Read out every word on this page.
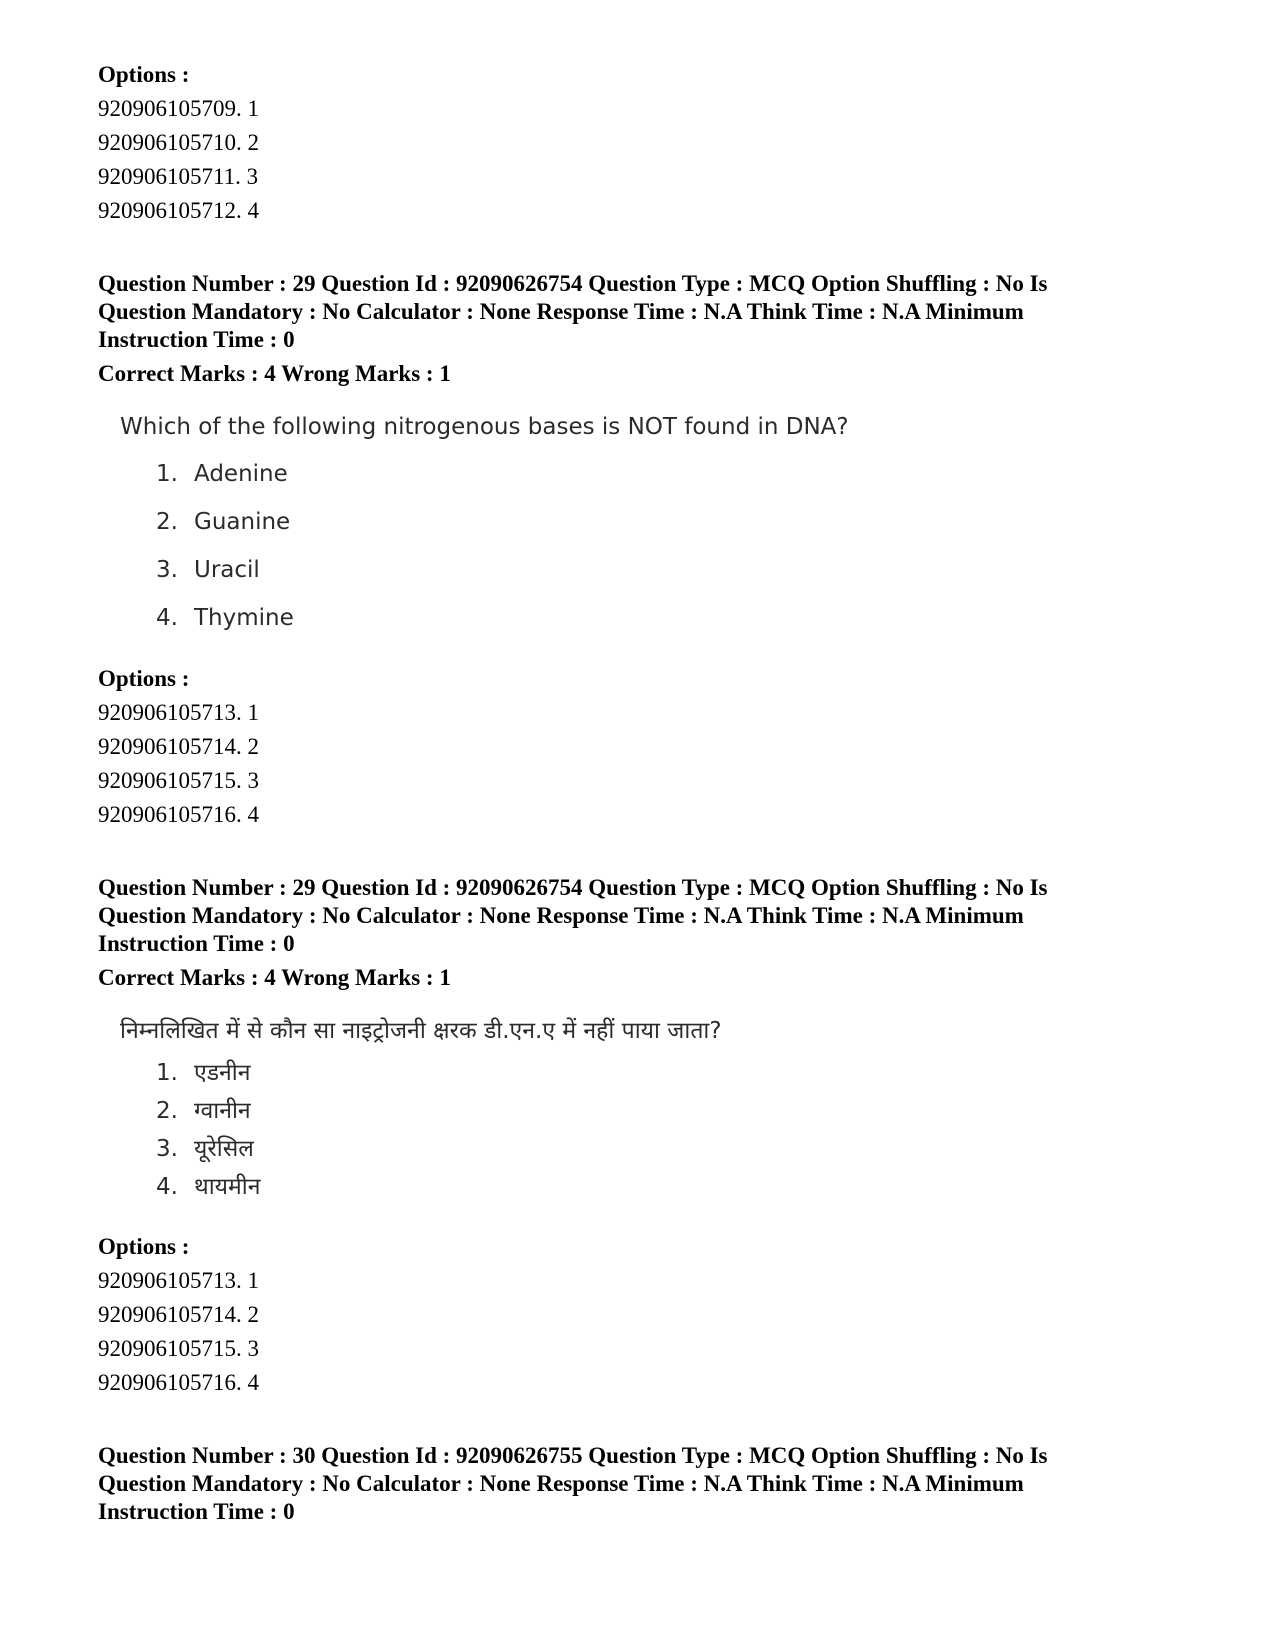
Options :

920906105709. 1

920906105710. 2

920906105711. 3

920906105712. 4

Question Number : 29 Question Id : 92090626754 Question Type : MCQ Option Shuffling : No Is

Question Mandatory : No Calculator : None Response Time : N.A Think Time : N.A Minimum

Instruction Time : 0

Correct Marks : 4 Wrong Marks : 1

Which of the following nitrogenous bases is NOT found in DNA?

1. Adenine
2. Guanine
3. Uracil
4. Thymine

Options :

920906105713. 1

920906105714. 2

920906105715. 3

920906105716. 4

Question Number : 29 Question Id : 92090626754 Question Type : MCQ Option Shuffling : No Is

Question Mandatory : No Calculator : None Response Time : N.A Think Time : N.A Minimum

Instruction Time : 0

Correct Marks : 4 Wrong Marks : 1

निम्नलिखित में से कौन सा नाइट्रोजनी क्षरक डी.एन.ए में नहीं पाया जाता?

1. एडनीन
2. ग्वानीन
3. यूरेसिल
4. थायमीन

Options :

920906105713. 1

920906105714. 2

920906105715. 3

920906105716. 4

Question Number : 30 Question Id : 92090626755 Question Type : MCQ Option Shuffling : No Is

Question Mandatory : No Calculator : None Response Time : N.A Think Time : N.A Minimum

Instruction Time : 0
